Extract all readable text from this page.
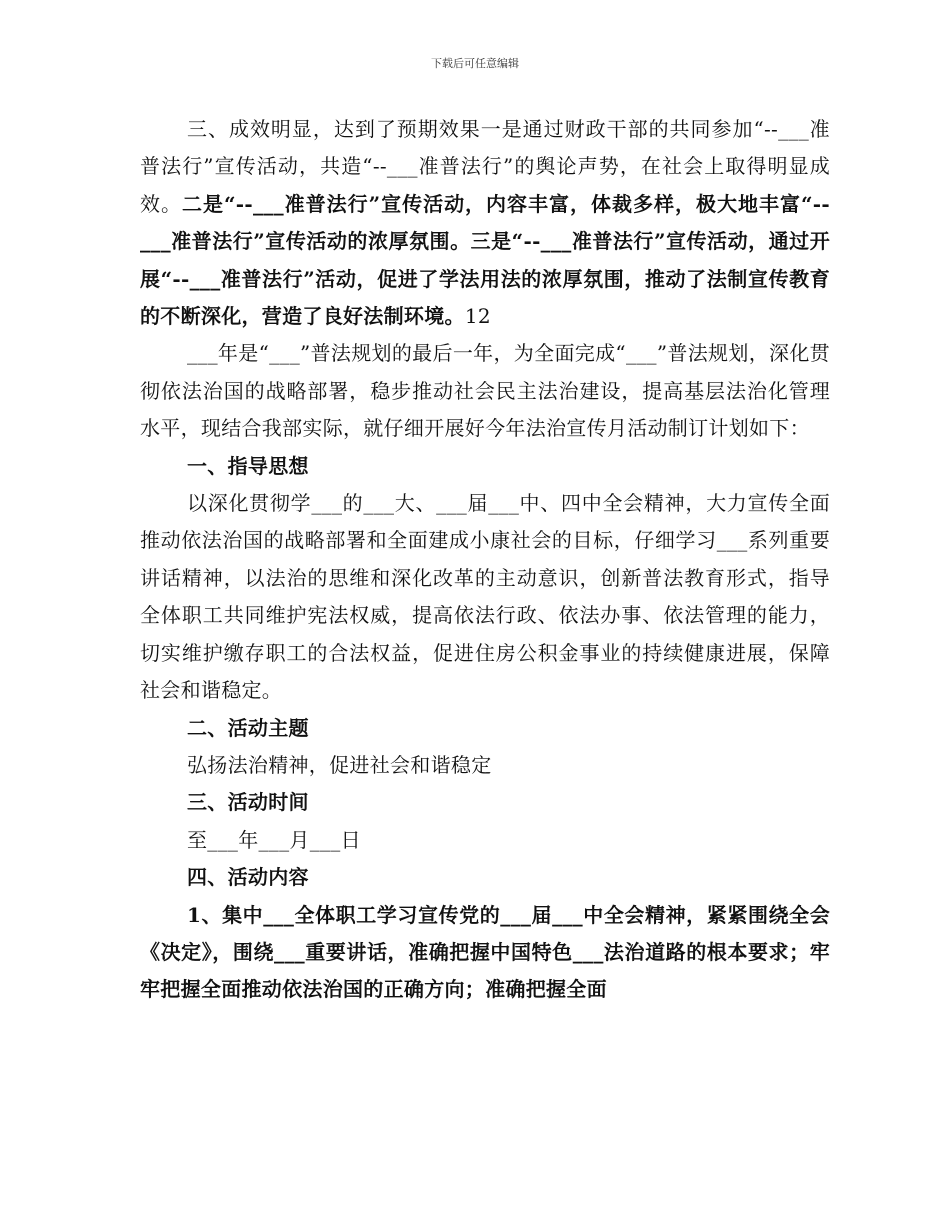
下载后可任意编辑

三、成效明显，达到了预期效果一是通过财政干部的共同参加“--___准普法行”宣传活动，共造“--___准普法行”的舆论声势，在社会上取得明显成效。二是“--___准普法行”宣传活动，内容丰富，体裁多样，极大地丰富“--___准普法行”宣传活动的浓厚氛围。三是“--___准普法行”宣传活动，通过开展“--___准普法行”活动，促进了学法用法的浓厚氛围，推动了法制宣传教育的不断深化，营造了良好法制环境。12

___年是“___”普法规划的最后一年，为全面完成“___”普法规划，深化贯彻依法治国的战略部署，稳步推动社会民主法治建设，提高基层法治化管理水平，现结合我部实际，就仔细开展好今年法治宣传月活动制订计划如下：

一、指导思想

以深化贯彻学___的___大、___届___中、四中全会精神，大力宣传全面推动依法治国的战略部署和全面建成小康社会的目标，仔细学习___系列重要讲话精神，以法治的思维和深化改革的主动意识，创新普法教育形式，指导全体职工共同维护宪法权威，提高依法行政、依法办事、依法管理的能力，切实维护缴存职工的合法权益，促进住房公积金事业的持续健康进展，保障社会和谐稳定。

二、活动主题

弘扬法治精神，促进社会和谐稳定

三、活动时间

至___年___月___日

四、活动内容

1、集中___全体职工学习宣传党的___届___中全会精神，紧紧围绕全会《决定》，围绕___重要讲话，准确把握中国特色___法治道路的根本要求；牢牢把握全面推动依法治国的正确方向；准确把握全面
